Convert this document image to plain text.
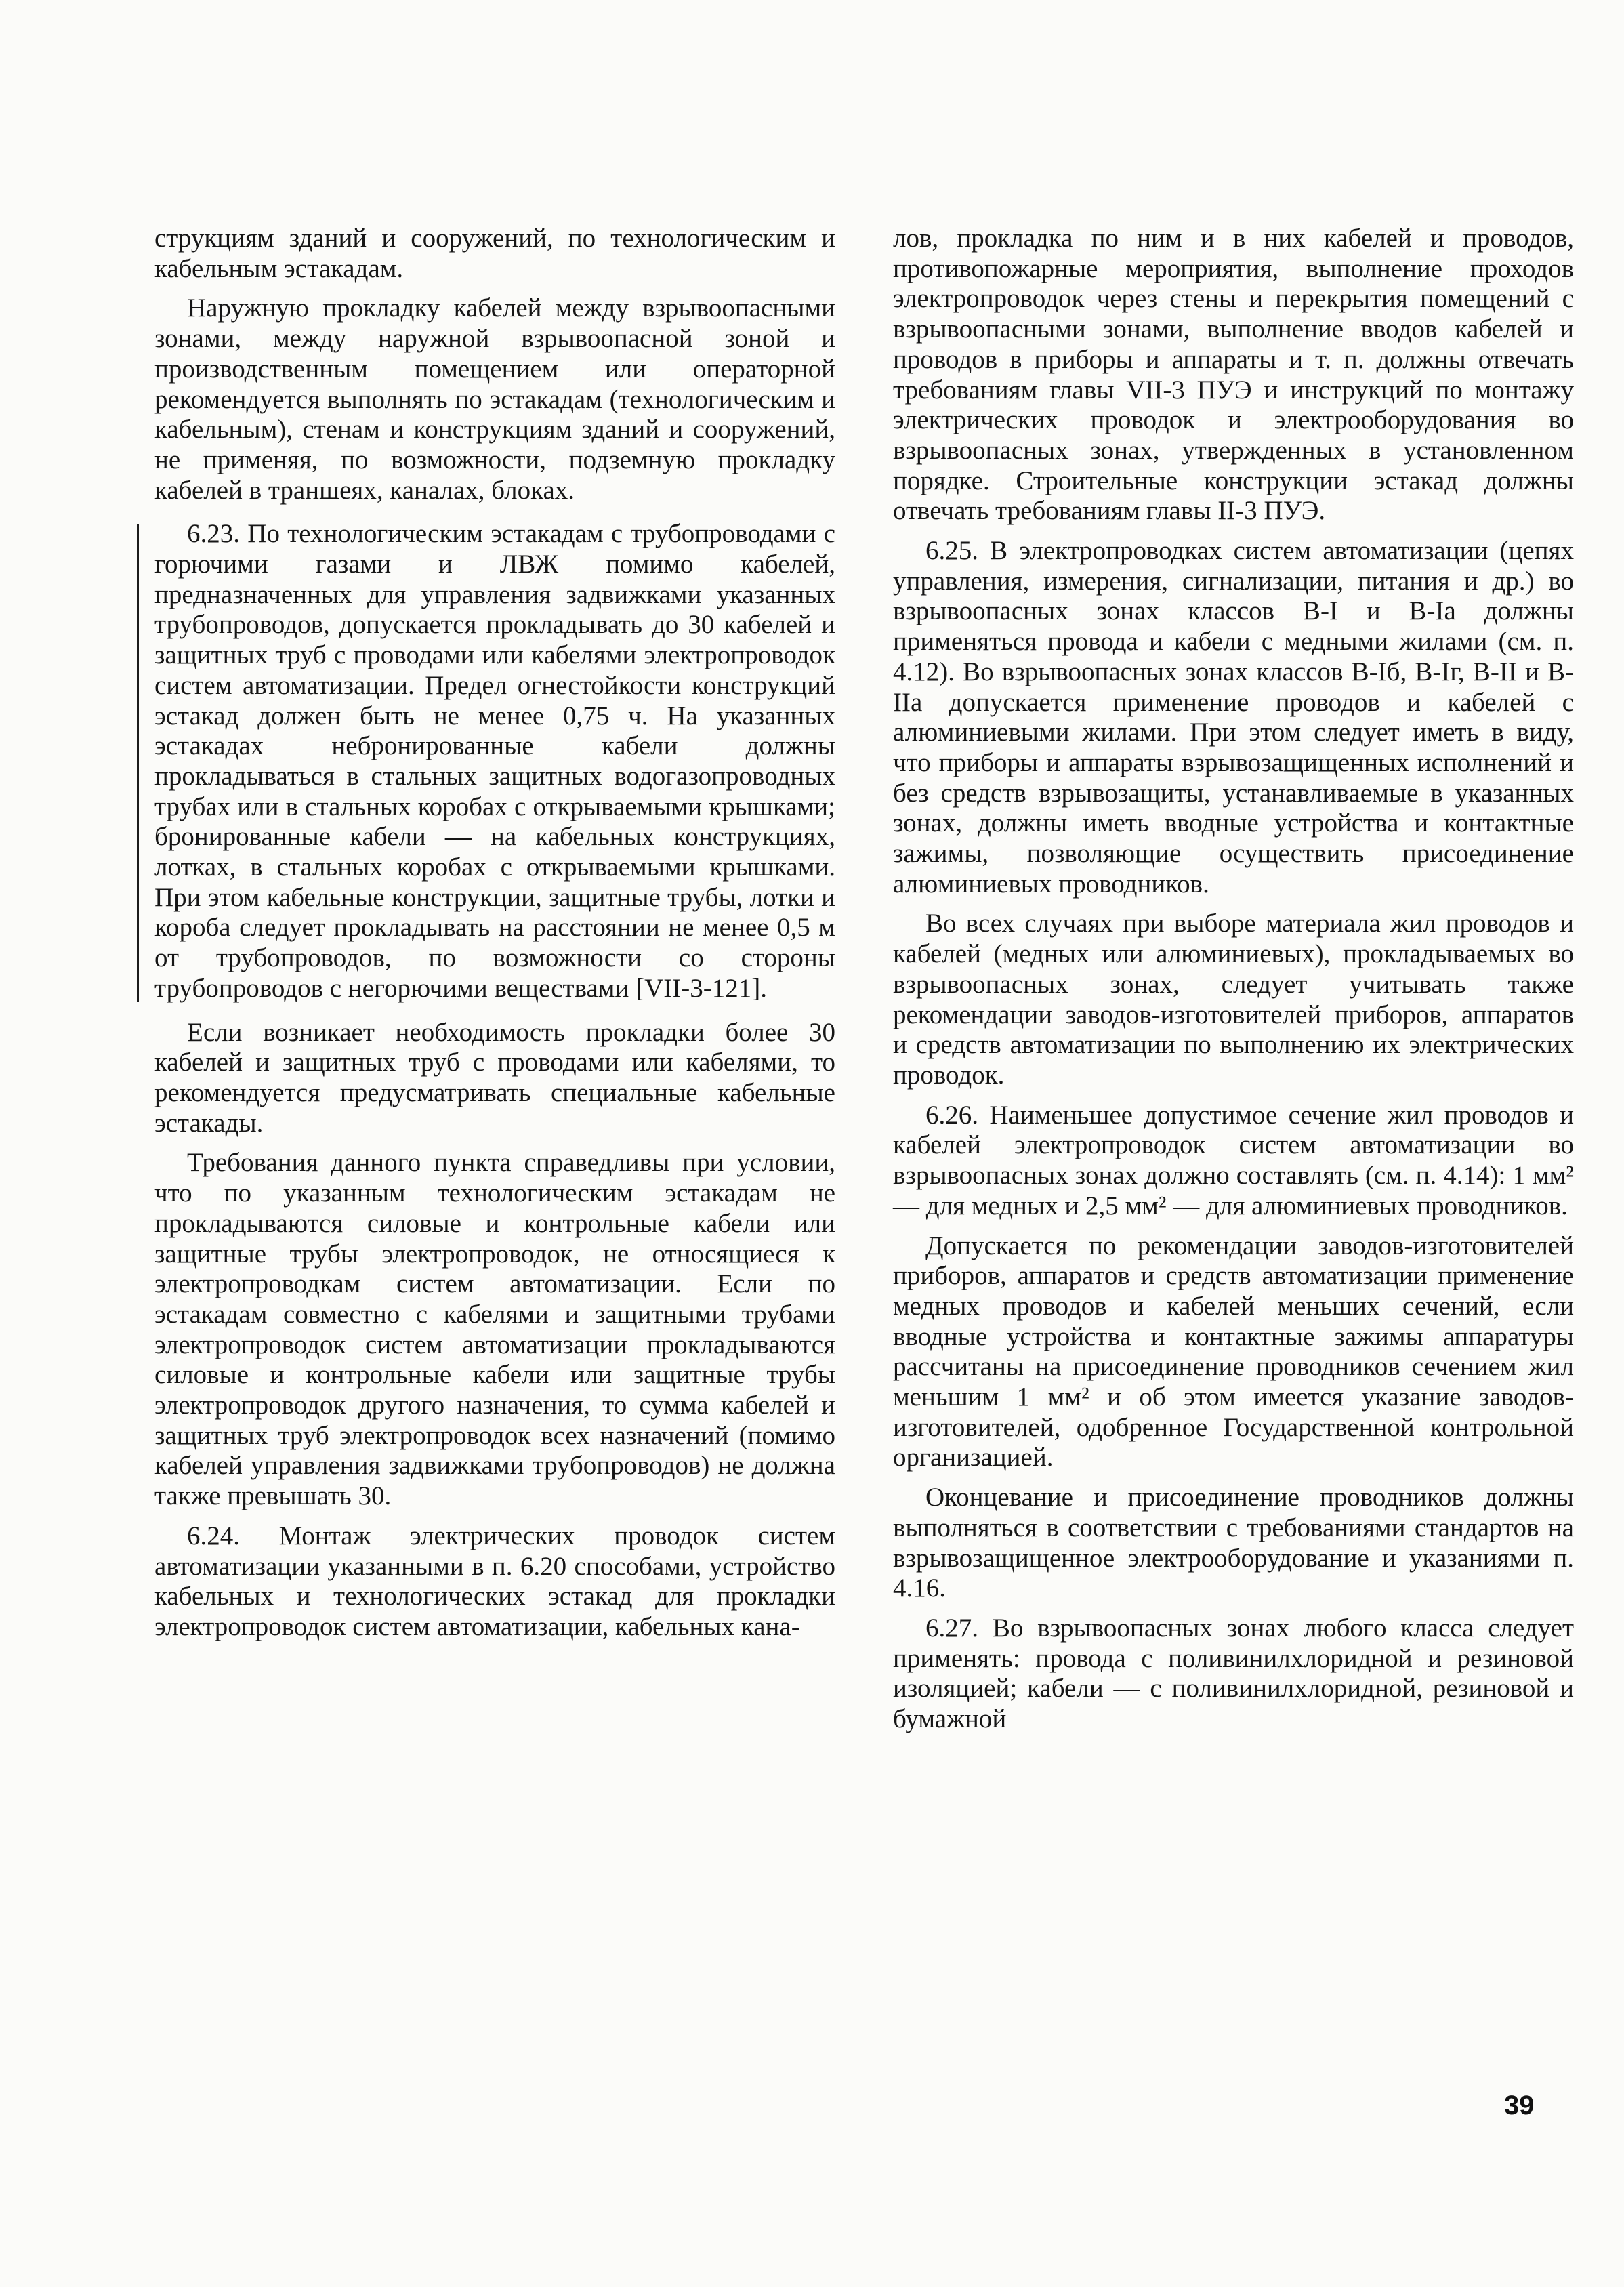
струкциям зданий и сооружений, по технологическим и кабельным эстакадам.

Наружную прокладку кабелей между взрывоопасными зонами, между наружной взрывоопасной зоной и производственным помещением или операторной рекомендуется выполнять по эстакадам (технологическим и кабельным), стенам и конструкциям зданий и сооружений, не применяя, по возможности, подземную прокладку кабелей в траншеях, каналах, блоках.

6.23. По технологическим эстакадам с трубопроводами с горючими газами и ЛВЖ помимо кабелей, предназначенных для управления задвижками указанных трубопроводов, допускается прокладывать до 30 кабелей и защитных труб с проводами или кабелями электропроводок систем автоматизации. Предел огнестойкости конструкций эстакад должен быть не менее 0,75 ч. На указанных эстакадах небронированные кабели должны прокладываться в стальных защитных водогазопроводных трубах или в стальных коробах с открываемыми крышками; бронированные кабели — на кабельных конструкциях, лотках, в стальных коробах с открываемыми крышками. При этом кабельные конструкции, защитные трубы, лотки и короба следует прокладывать на расстоянии не менее 0,5 м от трубопроводов, по возможности со стороны трубопроводов с негорючими веществами [VII-3-121].

Если возникает необходимость прокладки более 30 кабелей и защитных труб с проводами или кабелями, то рекомендуется предусматривать специальные кабельные эстакады.

Требования данного пункта справедливы при условии, что по указанным технологическим эстакадам не прокладываются силовые и контрольные кабели или защитные трубы электропроводок, не относящиеся к электропроводкам систем автоматизации. Если по эстакадам совместно с кабелями и защитными трубами электропроводок систем автоматизации прокладываются силовые и контрольные кабели или защитные трубы электропроводок другого назначения, то сумма кабелей и защитных труб электропроводок всех назначений (помимо кабелей управления задвижками трубопроводов) не должна также превышать 30.

6.24. Монтаж электрических проводок систем автоматизации указанными в п. 6.20 способами, устройство кабельных и технологических эстакад для прокладки электропроводок систем автоматизации, кабельных кана-

лов, прокладка по ним и в них кабелей и проводов, противопожарные мероприятия, выполнение проходов электропроводок через стены и перекрытия помещений с взрывоопасными зонами, выполнение вводов кабелей и проводов в приборы и аппараты и т. п. должны отвечать требованиям главы VII-3 ПУЭ и инструкций по монтажу электрических проводок и электрооборудования во взрывоопасных зонах, утвержденных в установленном порядке. Строительные конструкции эстакад должны отвечать требованиям главы II-3 ПУЭ.

6.25. В электропроводках систем автоматизации (цепях управления, измерения, сигнализации, питания и др.) во взрывоопасных зонах классов В-I и В-Iа должны применяться провода и кабели с медными жилами (см. п. 4.12). Во взрывоопасных зонах классов В-Iб, В-Iг, В-II и В-IIа допускается применение проводов и кабелей с алюминиевыми жилами. При этом следует иметь в виду, что приборы и аппараты взрывозащищенных исполнений и без средств взрывозащиты, устанавливаемые в указанных зонах, должны иметь вводные устройства и контактные зажимы, позволяющие осуществить присоединение алюминиевых проводников.

Во всех случаях при выборе материала жил проводов и кабелей (медных или алюминиевых), прокладываемых во взрывоопасных зонах, следует учитывать также рекомендации заводов-изготовителей приборов, аппаратов и средств автоматизации по выполнению их электрических проводок.

6.26. Наименьшее допустимое сечение жил проводов и кабелей электропроводок систем автоматизации во взрывоопасных зонах должно составлять (см. п. 4.14): 1 мм² — для медных и 2,5 мм² — для алюминиевых проводников.

Допускается по рекомендации заводов-изготовителей приборов, аппаратов и средств автоматизации применение медных проводов и кабелей меньших сечений, если вводные устройства и контактные зажимы аппаратуры рассчитаны на присоединение проводников сечением жил меньшим 1 мм² и об этом имеется указание заводов-изготовителей, одобренное Государственной контрольной организацией.

Оконцевание и присоединение проводников должны выполняться в соответствии с требованиями стандартов на взрывозащищенное электрооборудование и указаниями п. 4.16.

6.27. Во взрывоопасных зонах любого класса следует применять: провода с поливинилхлоридной и резиновой изоляцией; кабели — с поливинилхлоридной, резиновой и бумажной

39
